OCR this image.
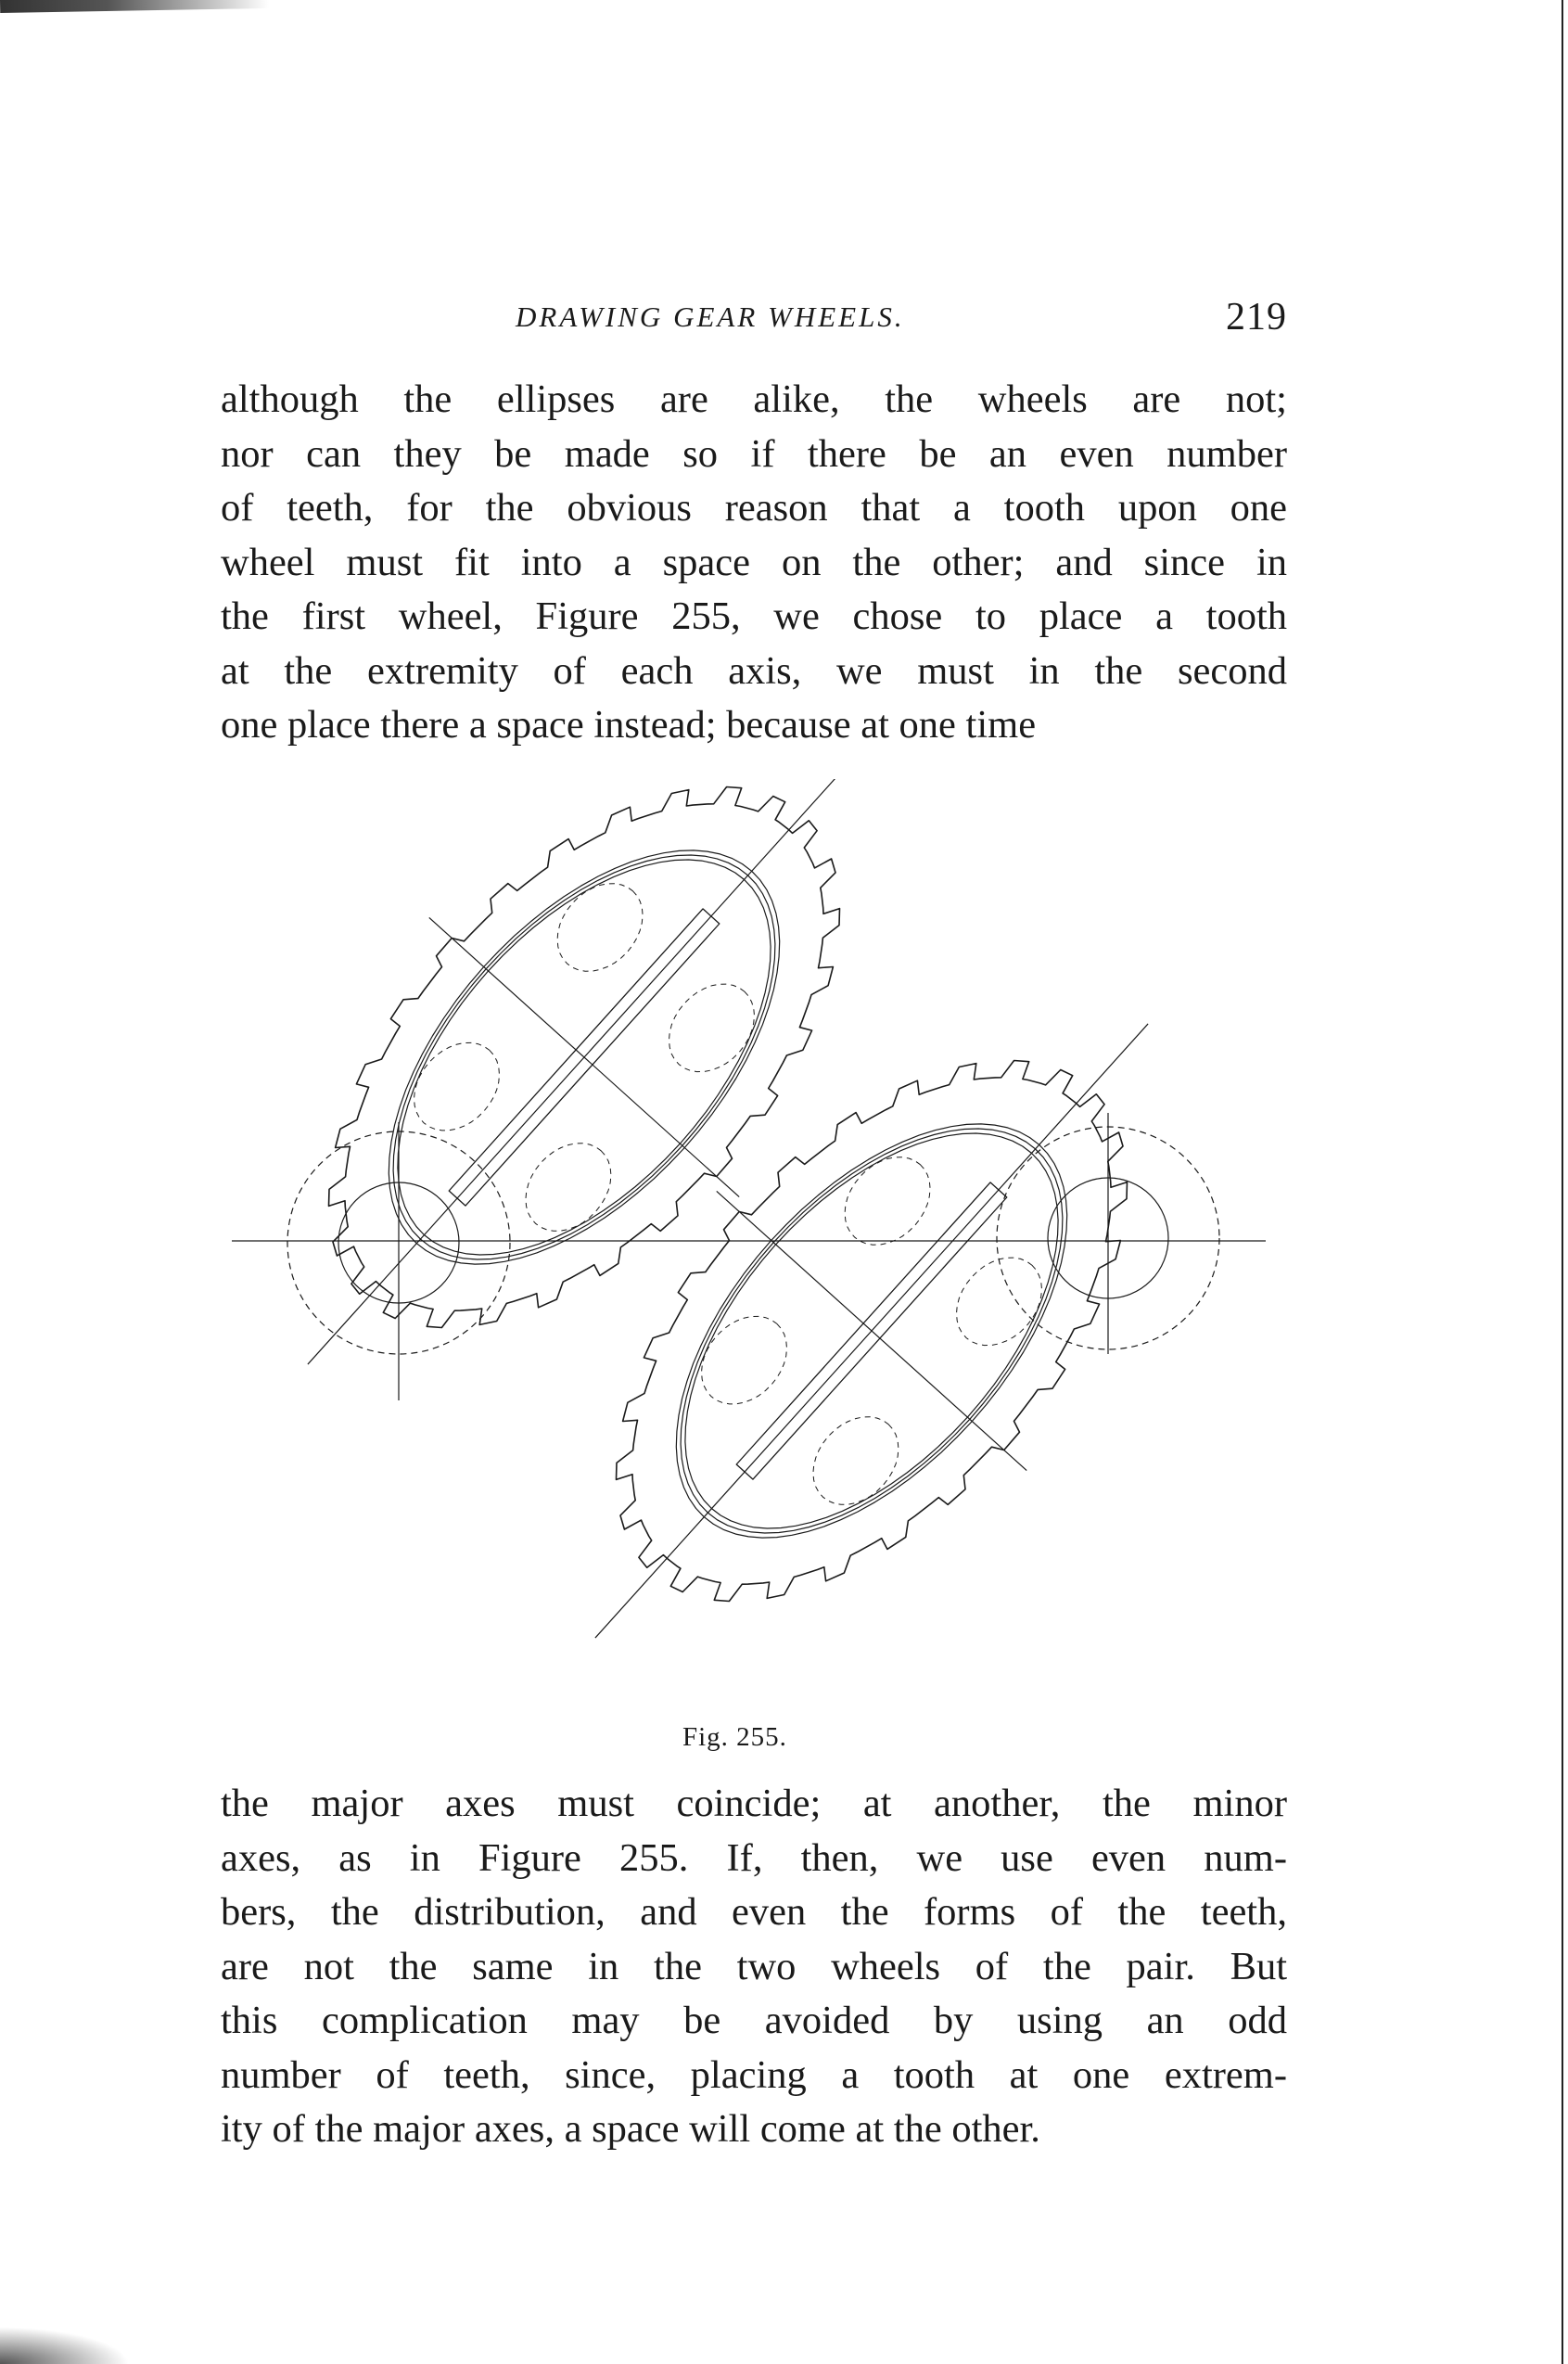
DRAWING GEAR WHEELS.	219

although the ellipses are alike, the wheels are not;
nor can they be made so if there be an even number
of teeth, for the obvious reason that a tooth upon one
wheel must fit into a space on the other; and since in
the first wheel, Figure 255, we chose to place a tooth
at the extremity of each axis, we must in the second
one place there a space instead; because at one time

Fig. 255.

the major axes must coincide; at another, the minor
axes, as in Figure 255. If, then, we use even num-
bers, the distribution, and even the forms of the teeth,
are not the same in the two wheels of the pair. But
this complication may be avoided by using an odd
number of teeth, since, placing a tooth at one extrem-
ity of the major axes, a space will come at the other.
